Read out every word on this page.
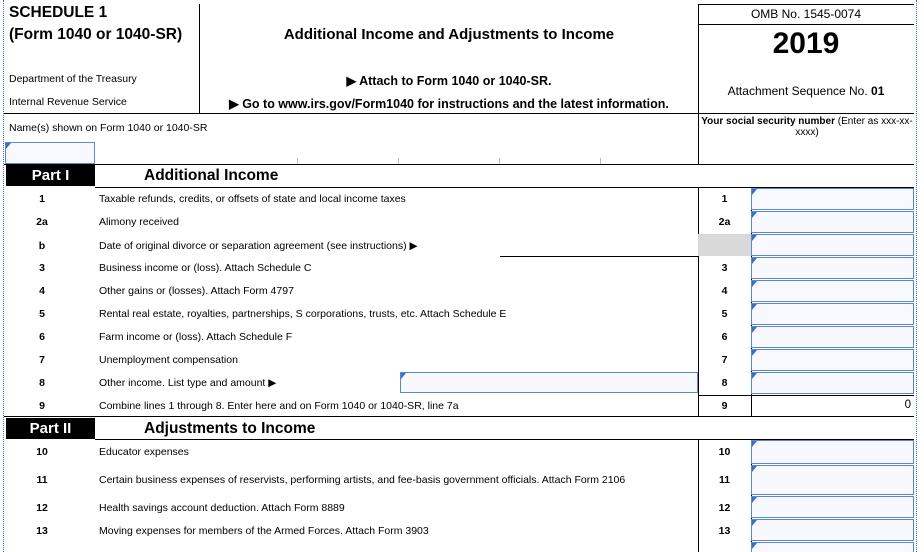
SCHEDULE 1
(Form 1040 or 1040-SR)
Department of the Treasury
Internal Revenue Service
Additional Income and Adjustments to Income
▶ Attach to Form 1040 or 1040-SR.
▶ Go to www.irs.gov/Form1040 for instructions and the latest information.
OMB No. 1545-0074
2019
Attachment Sequence No. 01
Name(s) shown on Form 1040 or 1040-SR
Your social security number (Enter as xxx-xx-xxxx)
Part I	Additional Income
1	Taxable refunds, credits, or offsets of state and local income taxes	1
2a	Alimony received	2a
b	Date of original divorce or separation agreement (see instructions) ▶
3	Business income or (loss). Attach Schedule C	3
4	Other gains or (losses). Attach Form 4797	4
5	Rental real estate, royalties, partnerships, S corporations, trusts, etc. Attach Schedule E	5
6	Farm income or (loss). Attach Schedule F	6
7	Unemployment compensation	7
8	Other income. List type and amount ▶	8
9	Combine lines 1 through 8. Enter here and on Form 1040 or 1040-SR, line 7a	9	0
Part II	Adjustments to Income
10	Educator expenses	10
11	Certain business expenses of reservists, performing artists, and fee-basis government officials. Attach Form 2106	11
12	Health savings account deduction. Attach Form 8889	12
13	Moving expenses for members of the Armed Forces. Attach Form 3903	13
